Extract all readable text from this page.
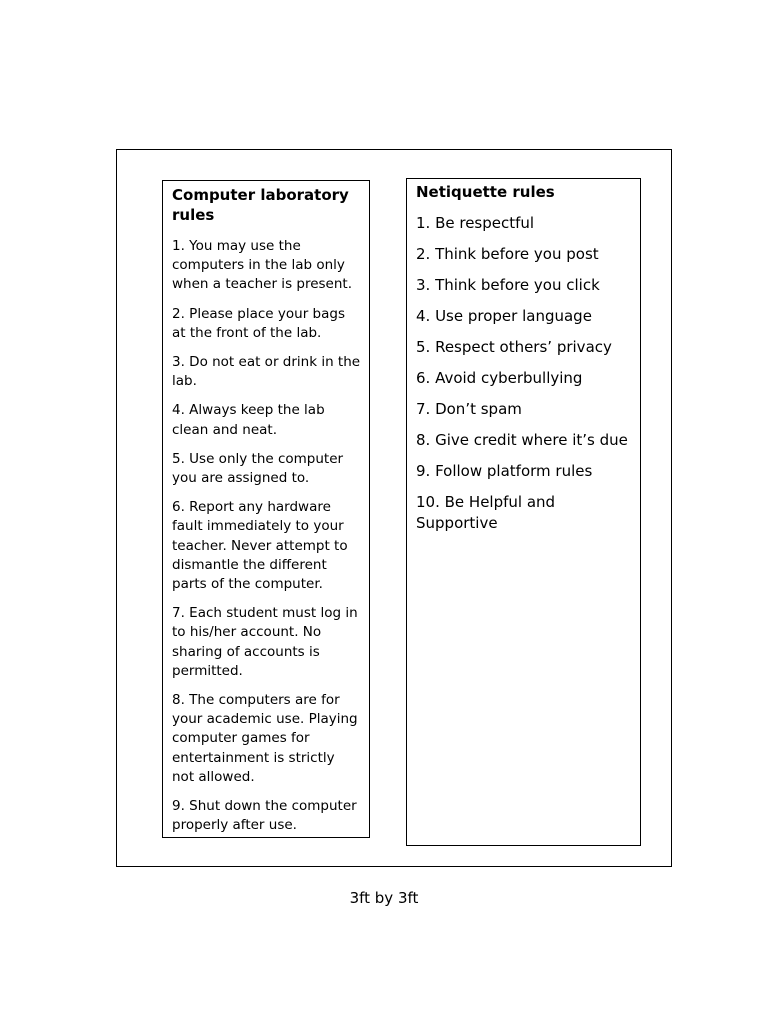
Computer laboratory rules
1. You may use the computers in the lab only when a teacher is present.
2. Please place your bags at the front of the lab.
3. Do not eat or drink in the lab.
4. Always keep the lab clean and neat.
5. Use only the computer you are assigned to.
6. Report any hardware fault immediately to your teacher. Never attempt to dismantle the different parts of the computer.
7. Each student must log in to his/her account. No sharing of accounts is permitted.
8. The computers are for your academic use. Playing computer games for entertainment is strictly not allowed.
9. Shut down the computer properly after use.
Netiquette rules
1. Be respectful
2. Think before you post
3. Think before you click
4. Use proper language
5. Respect others’ privacy
6. Avoid cyberbullying
7. Don’t spam
8. Give credit where it’s due
9. Follow platform rules
10. Be Helpful and Supportive
3ft by 3ft
